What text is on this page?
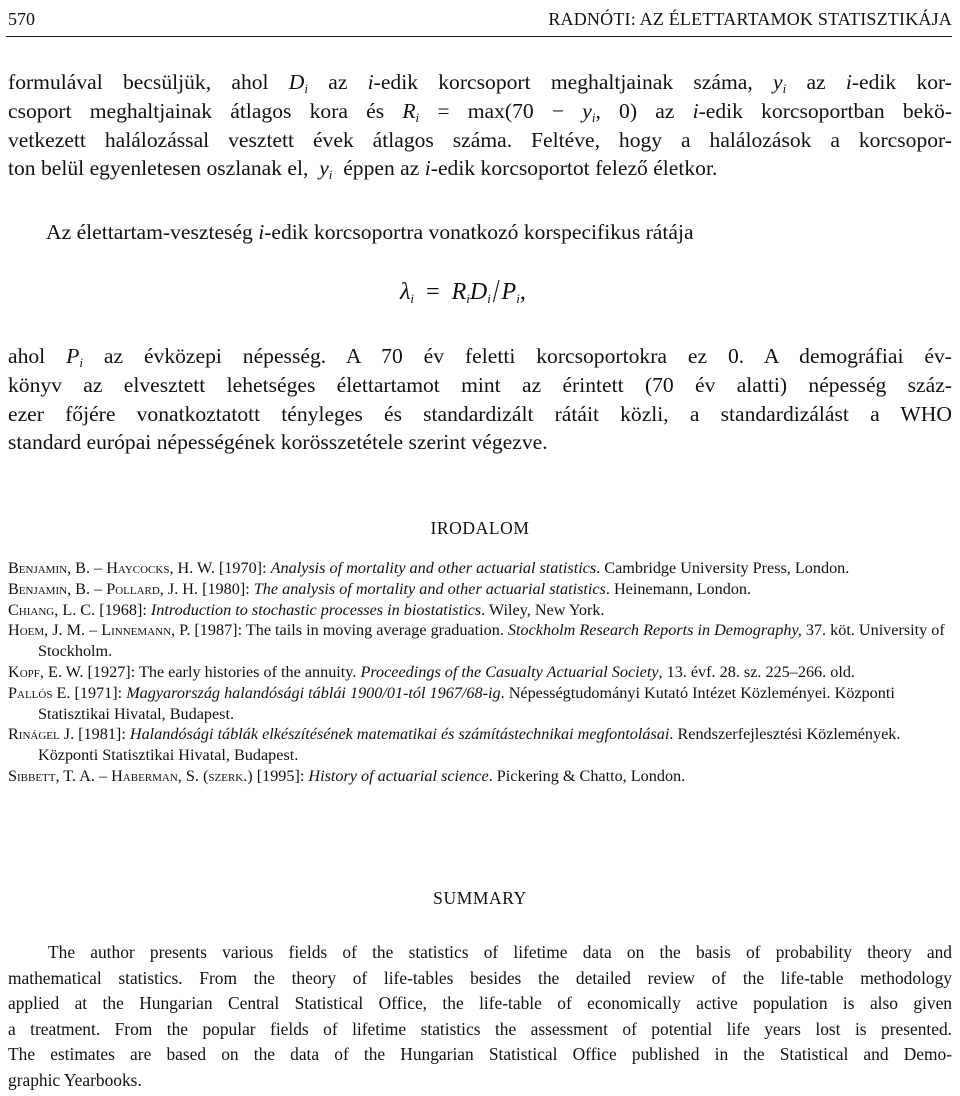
570	RADNÓTI: AZ ÉLETTARTAMOK STATISZTIKÁJA
formulával becsüljük, ahol $D_i$ az i-edik korcsoport meghaltjainak száma, $y_i$ az i-edik kor-
csoport meghaltjainak átlagos kora és $R_i = \max(70 - y_i$, 0) az i-edik korcsoportban bekö-
vetkezett halálozással vesztett évek átlagos száma. Feltéve, hogy a halálozások a korcsopor-
ton belül egyenletesen oszlanak el, $y_i$ éppen az i-edik korcsoportot felező életkor.
Az élettartam-veszteség i-edik korcsoportra vonatkozó korspecifikus rátája
$\lambda_i = R_iD_i/P_i$,
ahol $P_i$ az évközepi népesség. A 70 év feletti korcsoportokra ez 0. A demográfiai év-
könyv az elvesztett lehetséges élettartamot mint az érintett (70 év alatti) népesség száz-
ezer főjére vonatkoztatott tényleges és standardizált rátáit közli, a standardizálást a WHO
standard európai népességének korösszetétele szerint végezve.
IRODALOM
Benjamin, B. – Haycocks, H. W. [1970]: Analysis of mortality and other actuarial statistics. Cambridge University Press, London.
Benjamin, B. – Pollard, J. H. [1980]: The analysis of mortality and other actuarial statistics. Heinemann, London.
Chiang, L. C. [1968]: Introduction to stochastic processes in biostatistics. Wiley, New York.
Hoem, J. M. – Linnemann, P. [1987]: The tails in moving average graduation. Stockholm Research Reports in Demography, 37. köt. University of Stockholm.
Kopf, E. W. [1927]: The early histories of the annuity. Proceedings of the Casualty Actuarial Society, 13. évf. 28. sz. 225–266. old.
Pallós E. [1971]: Magyarország halandósági táblái 1900/01-tól 1967/68-ig. Népességtudományi Kutató Intézet Közleményei. Központi Statisztikai Hivatal, Budapest.
Rinágel J. [1981]: Halandósági táblák elkészítésének matematikai és számítástechnikai megfontolásai. Rendszerfejlesztési Közlemények. Központi Statisztikai Hivatal, Budapest.
Sibbett, T. A. – Haberman, S. (szerk.) [1995]: History of actuarial science. Pickering & Chatto, London.
SUMMARY
The author presents various fields of the statistics of lifetime data on the basis of probability theory and
mathematical statistics. From the theory of life-tables besides the detailed review of the life-table methodology
applied at the Hungarian Central Statistical Office, the life-table of economically active population is also given
a treatment. From the popular fields of lifetime statistics the assessment of potential life years lost is presented.
The estimates are based on the data of the Hungarian Statistical Office published in the Statistical and Demo-
graphic Yearbooks.
